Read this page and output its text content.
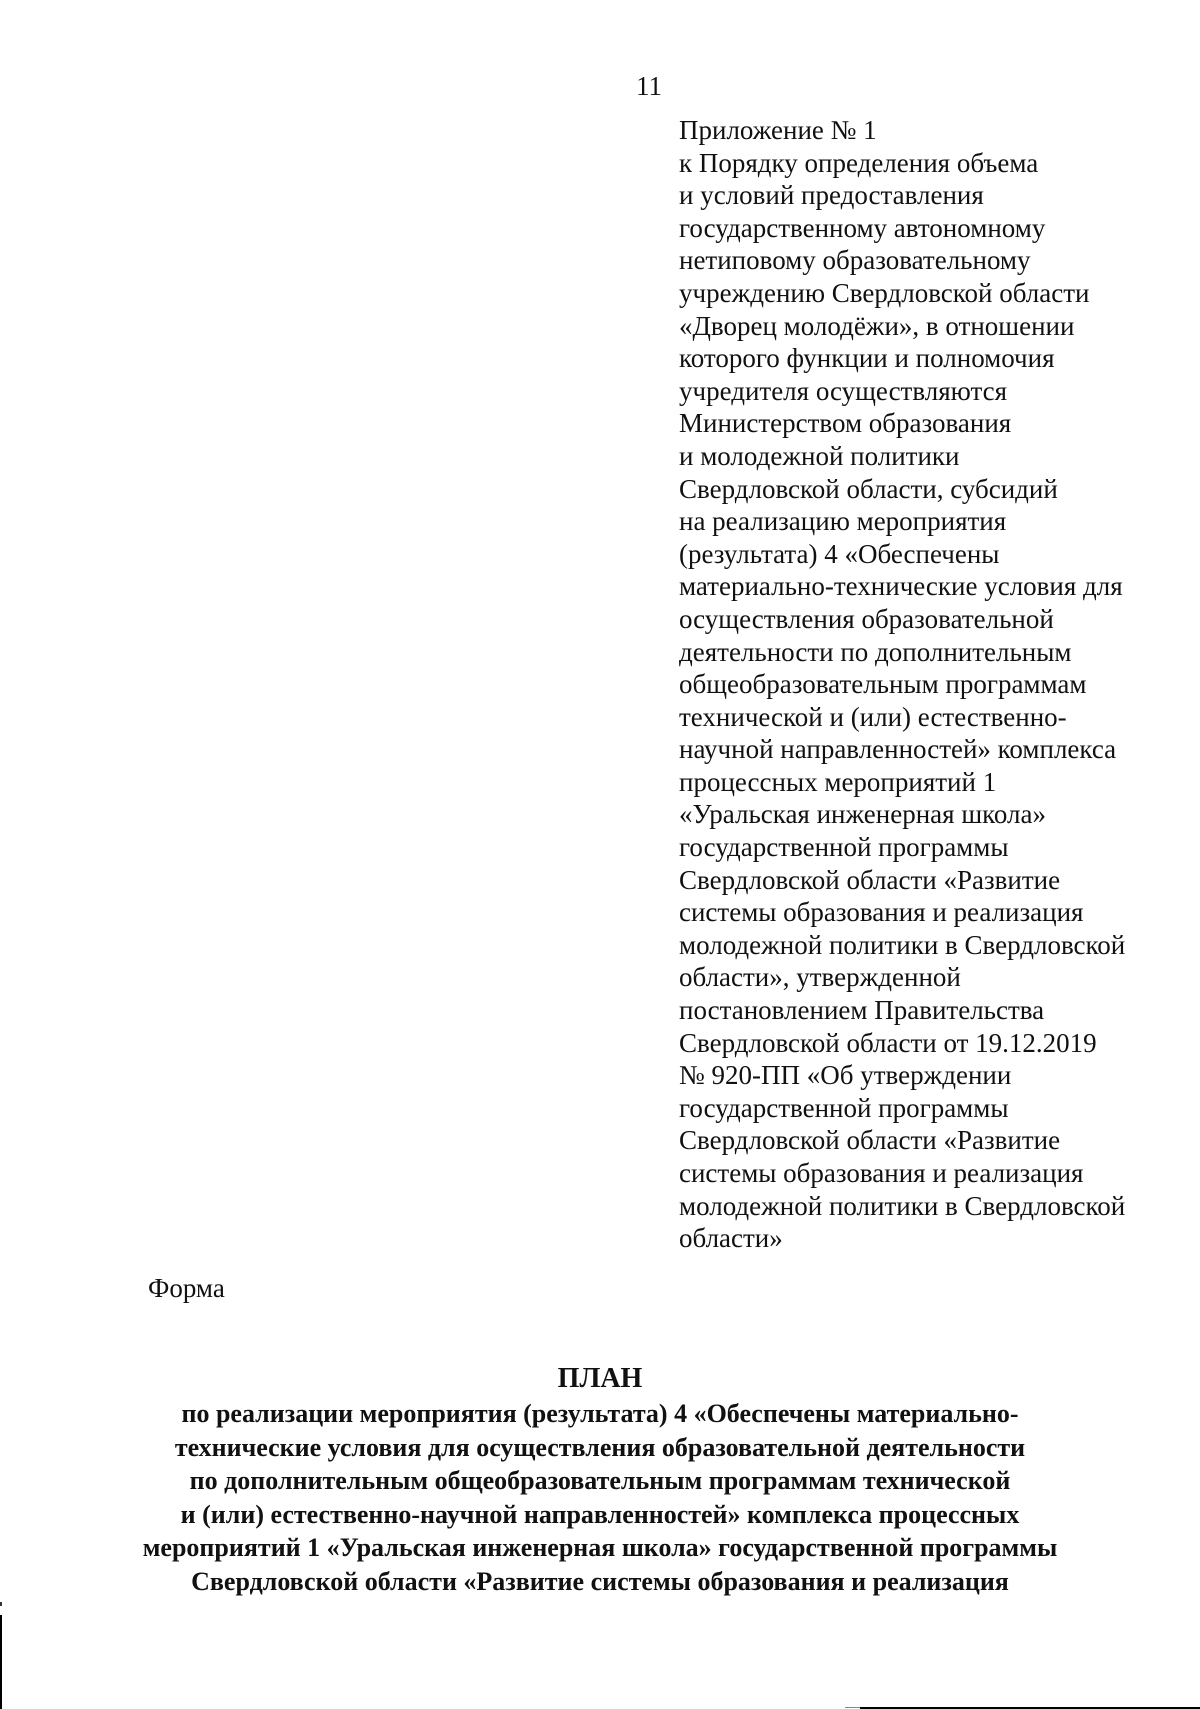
11
Приложение № 1
к Порядку определения объема
и условий предоставления
государственному автономному
нетиповому образовательному
учреждению Свердловской области
«Дворец молодёжи», в отношении
которого функции и полномочия
учредителя осуществляются
Министерством образования
и молодежной политики
Свердловской области, субсидий
на реализацию мероприятия
(результата) 4 «Обеспечены
материально-технические условия для
осуществления образовательной
деятельности по дополнительным
общеобразовательным программам
технической и (или) естественно-
научной направленностей» комплекса
процессных мероприятий 1
«Уральская инженерная школа»
государственной программы
Свердловской области «Развитие
системы образования и реализация
молодежной политики в Свердловской
области», утвержденной
постановлением Правительства
Свердловской области от 19.12.2019
№ 920-ПП «Об утверждении
государственной программы
Свердловской области «Развитие
системы образования и реализация
молодежной политики в Свердловской
области»
Форма
ПЛАН
по реализации мероприятия (результата) 4 «Обеспечены материально-
технические условия для осуществления образовательной деятельности
по дополнительным общеобразовательным программам технической
и (или) естественно-научной направленностей» комплекса процессных
мероприятий 1 «Уральская инженерная школа» государственной программы
Свердловской области «Развитие системы образования и реализация
